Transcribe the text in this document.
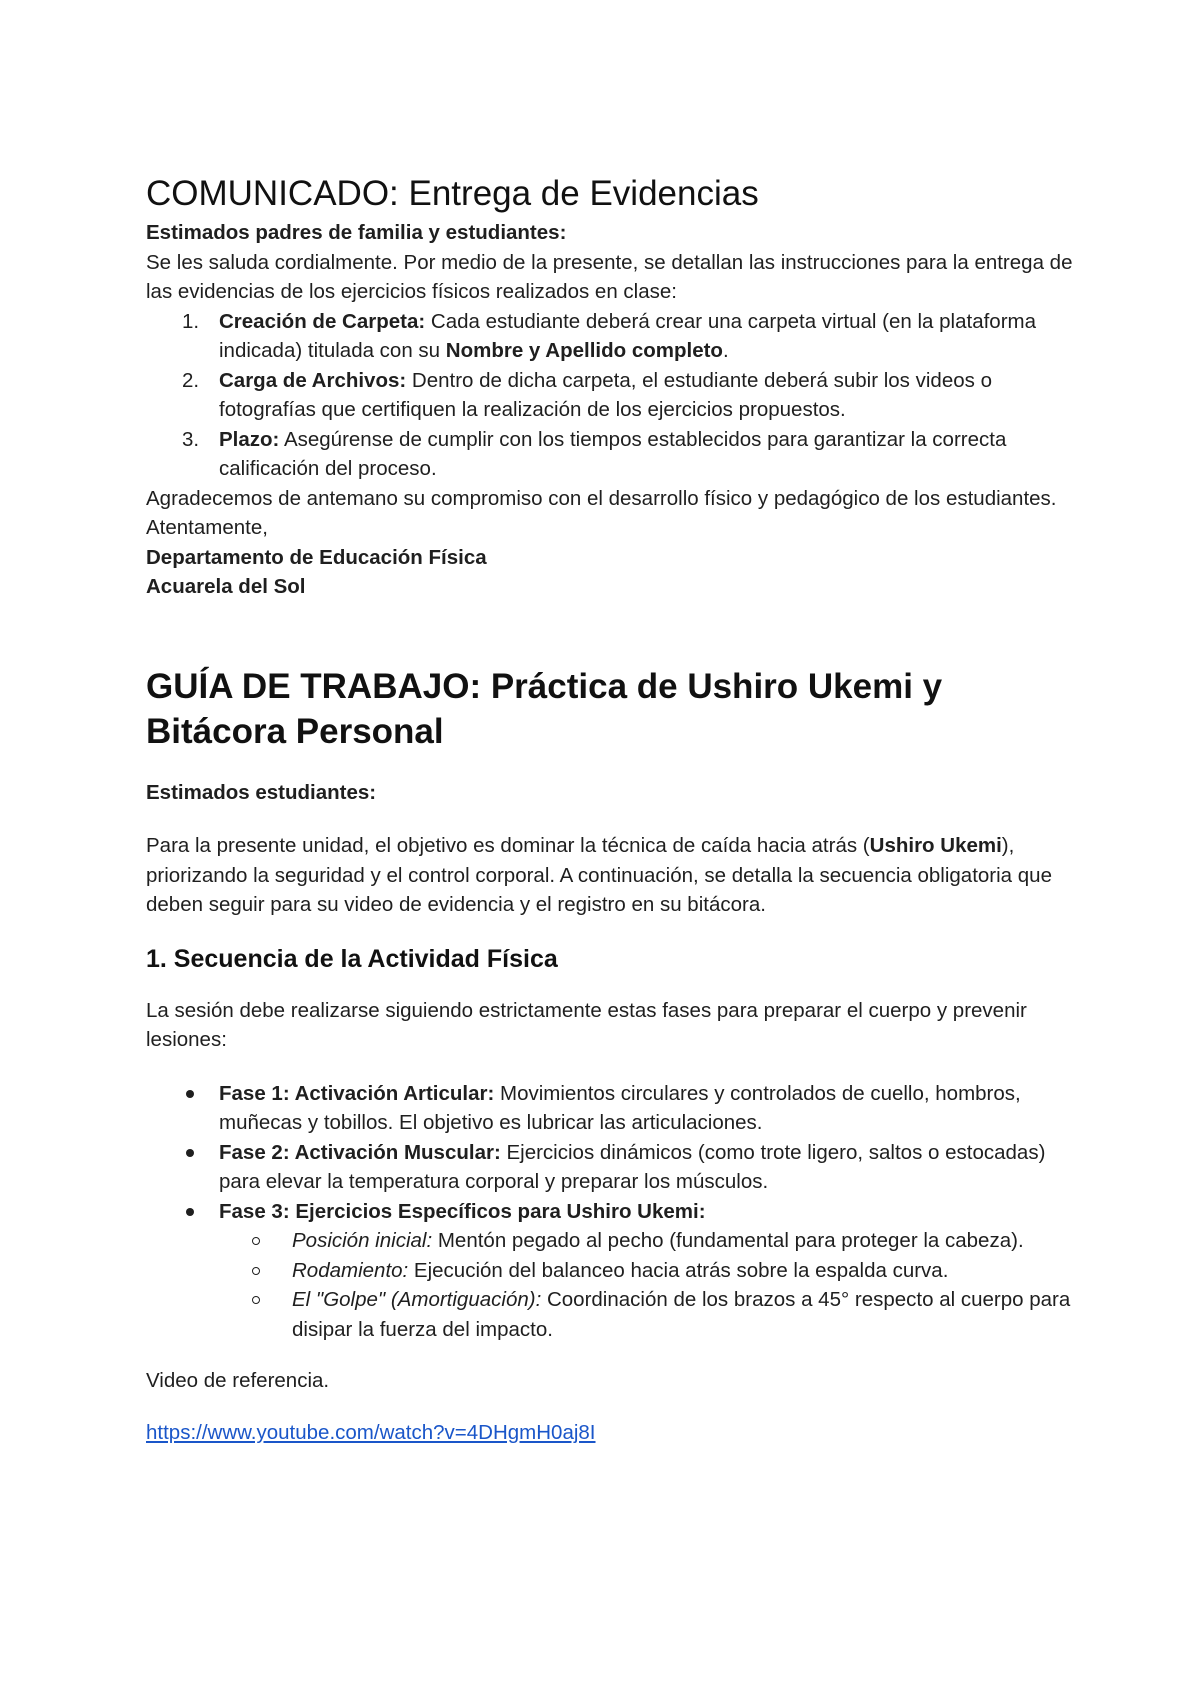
COMUNICADO: Entrega de Evidencias

Estimados padres de familia y estudiantes:

Se les saluda cordialmente. Por medio de la presente, se detallan las instrucciones para la entrega de las evidencias de los ejercicios físicos realizados en clase:

1. Creación de Carpeta: Cada estudiante deberá crear una carpeta virtual (en la plataforma indicada) titulada con su Nombre y Apellido completo.
2. Carga de Archivos: Dentro de dicha carpeta, el estudiante deberá subir los videos o fotografías que certifiquen la realización de los ejercicios propuestos.
3. Plazo: Asegúrense de cumplir con los tiempos establecidos para garantizar la correcta calificación del proceso.

Agradecemos de antemano su compromiso con el desarrollo físico y pedagógico de los estudiantes.

Atentamente,

Departamento de Educación Física

Acuarela del Sol

GUÍA DE TRABAJO: Práctica de Ushiro Ukemi y
Bitácora Personal

Estimados estudiantes:

Para la presente unidad, el objetivo es dominar la técnica de caída hacia atrás (Ushiro Ukemi), priorizando la seguridad y el control corporal. A continuación, se detalla la secuencia obligatoria que deben seguir para su video de evidencia y el registro en su bitácora.

1. Secuencia de la Actividad Física

La sesión debe realizarse siguiendo estrictamente estas fases para preparar el cuerpo y prevenir lesiones:

Fase 1: Activación Articular: Movimientos circulares y controlados de cuello, hombros, muñecas y tobillos. El objetivo es lubricar las articulaciones.
Fase 2: Activación Muscular: Ejercicios dinámicos (como trote ligero, saltos o estocadas) para elevar la temperatura corporal y preparar los músculos.
Fase 3: Ejercicios Específicos para Ushiro Ukemi:
Posición inicial: Mentón pegado al pecho (fundamental para proteger la cabeza).
Rodamiento: Ejecución del balanceo hacia atrás sobre la espalda curva.
El "Golpe" (Amortiguación): Coordinación de los brazos a 45° respecto al cuerpo para disipar la fuerza del impacto.

Video de referencia.

https://www.youtube.com/watch?v=4DHgmH0aj8I
